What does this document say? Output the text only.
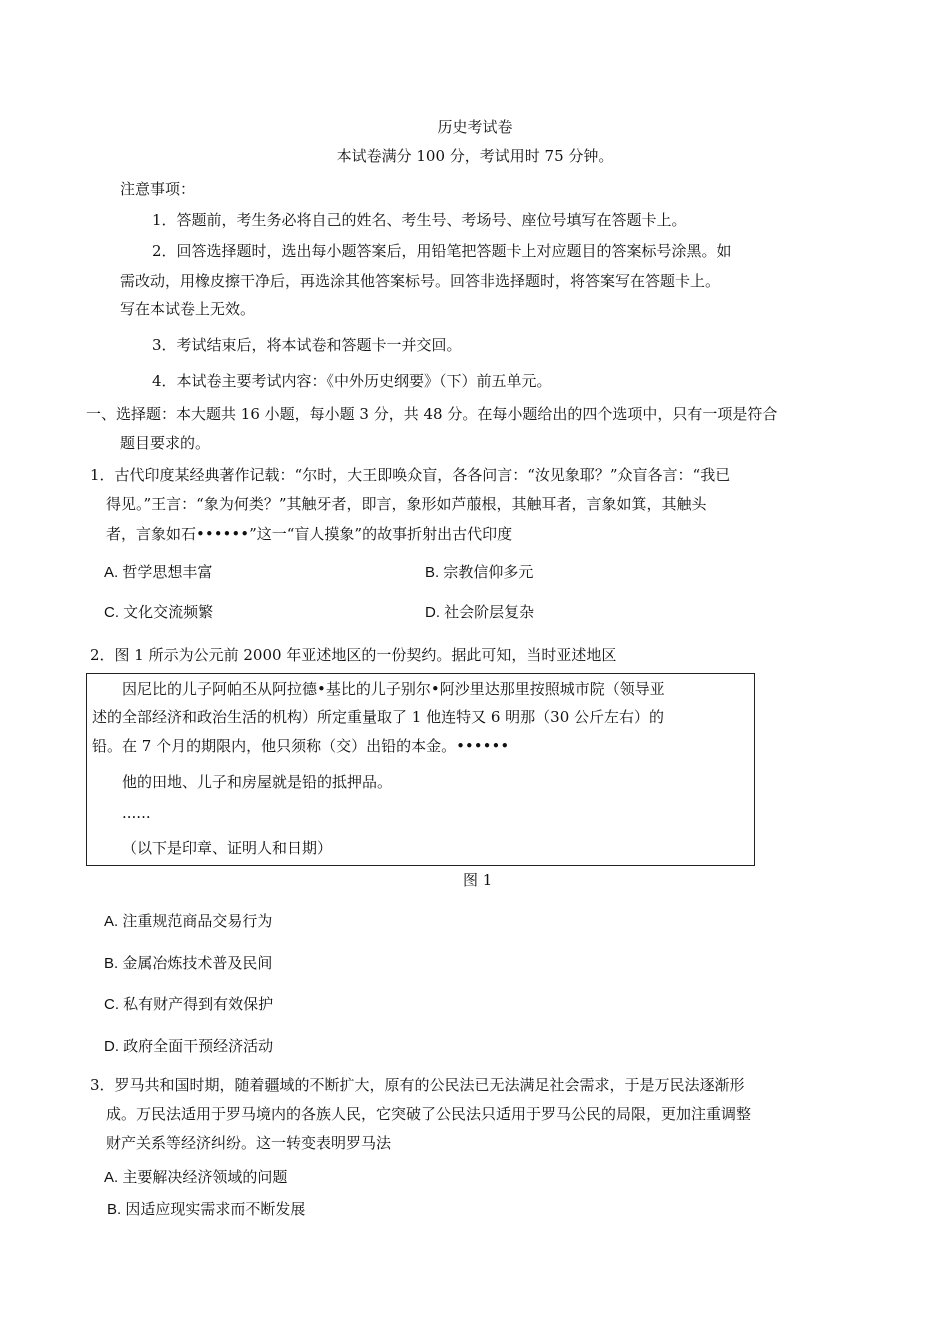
历史考试卷
本试卷满分 100 分，考试用时 75 分钟。
注意事项：
1．答题前，考生务必将自己的姓名、考生号、考场号、座位号填写在答题卡上。
2．回答选择题时，选出每小题答案后，用铅笔把答题卡上对应题目的答案标号涂黑。如
需改动，用橡皮擦干净后，再选涂其他答案标号。回答非选择题时，将答案写在答题卡上。
写在本试卷上无效。
3．考试结束后，将本试卷和答题卡一并交回。
4．本试卷主要考试内容：《中外历史纲要》（下）前五单元。
一、选择题：本大题共 16 小题，每小题 3 分，共 48 分。在每小题给出的四个选项中，只有一项是符合
题目要求的。
1．古代印度某经典著作记载：“尔时，大王即唤众盲，各各问言：“汝见象耶？”众盲各言：“我已
得见。”王言：“象为何类？”其触牙者，即言，象形如芦菔根，其触耳者，言象如箕，其触头
者，言象如石••••••”这一“盲人摸象”的故事折射出古代印度
A. 哲学思想丰富	B. 宗教信仰多元
C. 文化交流频繁	D. 社会阶层复杂
2．图 1 所示为公元前 2000 年亚述地区的一份契约。据此可知，当时亚述地区
因尼比的儿子阿帕丕从阿拉德•基比的儿子别尔•阿沙里达那里按照城市院（领导亚
述的全部经济和政治生活的机构）所定重量取了 1 他连特又 6 明那（30 公斤左右）的
铅。在 7 个月的期限内，他只须称（交）出铅的本金。••••••
他的田地、儿子和房屋就是铅的抵押品。
......
（以下是印章、证明人和日期）
图 1
A. 注重规范商品交易行为
B. 金属冶炼技术普及民间
C. 私有财产得到有效保护
D. 政府全面干预经济活动
3．罗马共和国时期，随着疆域的不断扩大，原有的公民法已无法满足社会需求，于是万民法逐渐形
成。万民法适用于罗马境内的各族人民，它突破了公民法只适用于罗马公民的局限，更加注重调整
财产关系等经济纠纷。这一转变表明罗马法
A. 主要解决经济领域的问题
B. 因适应现实需求而不断发展
